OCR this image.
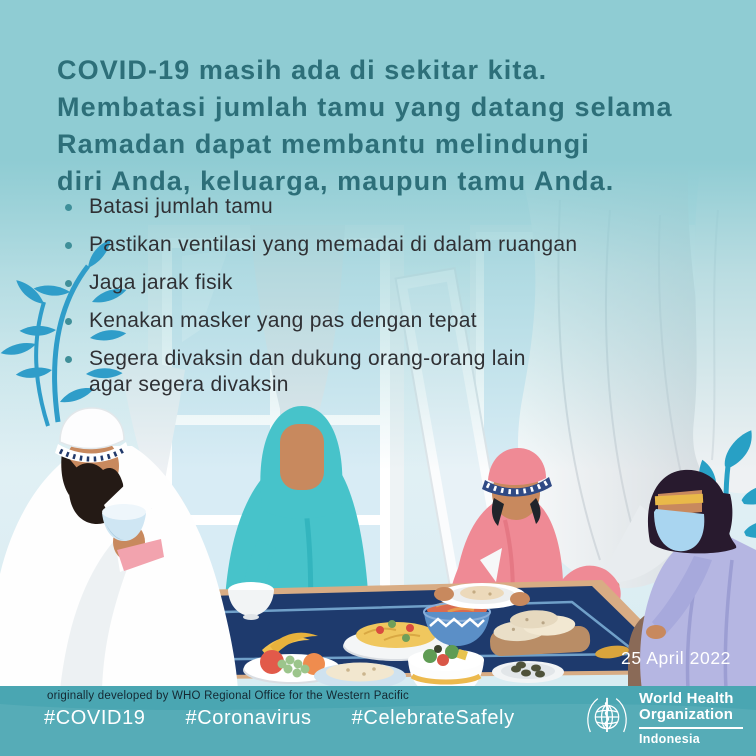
COVID-19 masih ada di sekitar kita.
Membatasi jumlah tamu yang datang selama
Ramadan dapat membantu melindungi
diri Anda, keluarga, maupun tamu Anda.
Batasi jumlah tamu
Pastikan ventilasi yang memadai di dalam ruangan
Jaga jarak fisik
Kenakan masker yang pas dengan tepat
Segera divaksin dan dukung orang-orang lain
agar segera divaksin
25 April 2022
originally developed by WHO Regional Office for the Western Pacific
#COVID19 #Coronavirus #CelebrateSafely
World Health
Organization
Indonesia
